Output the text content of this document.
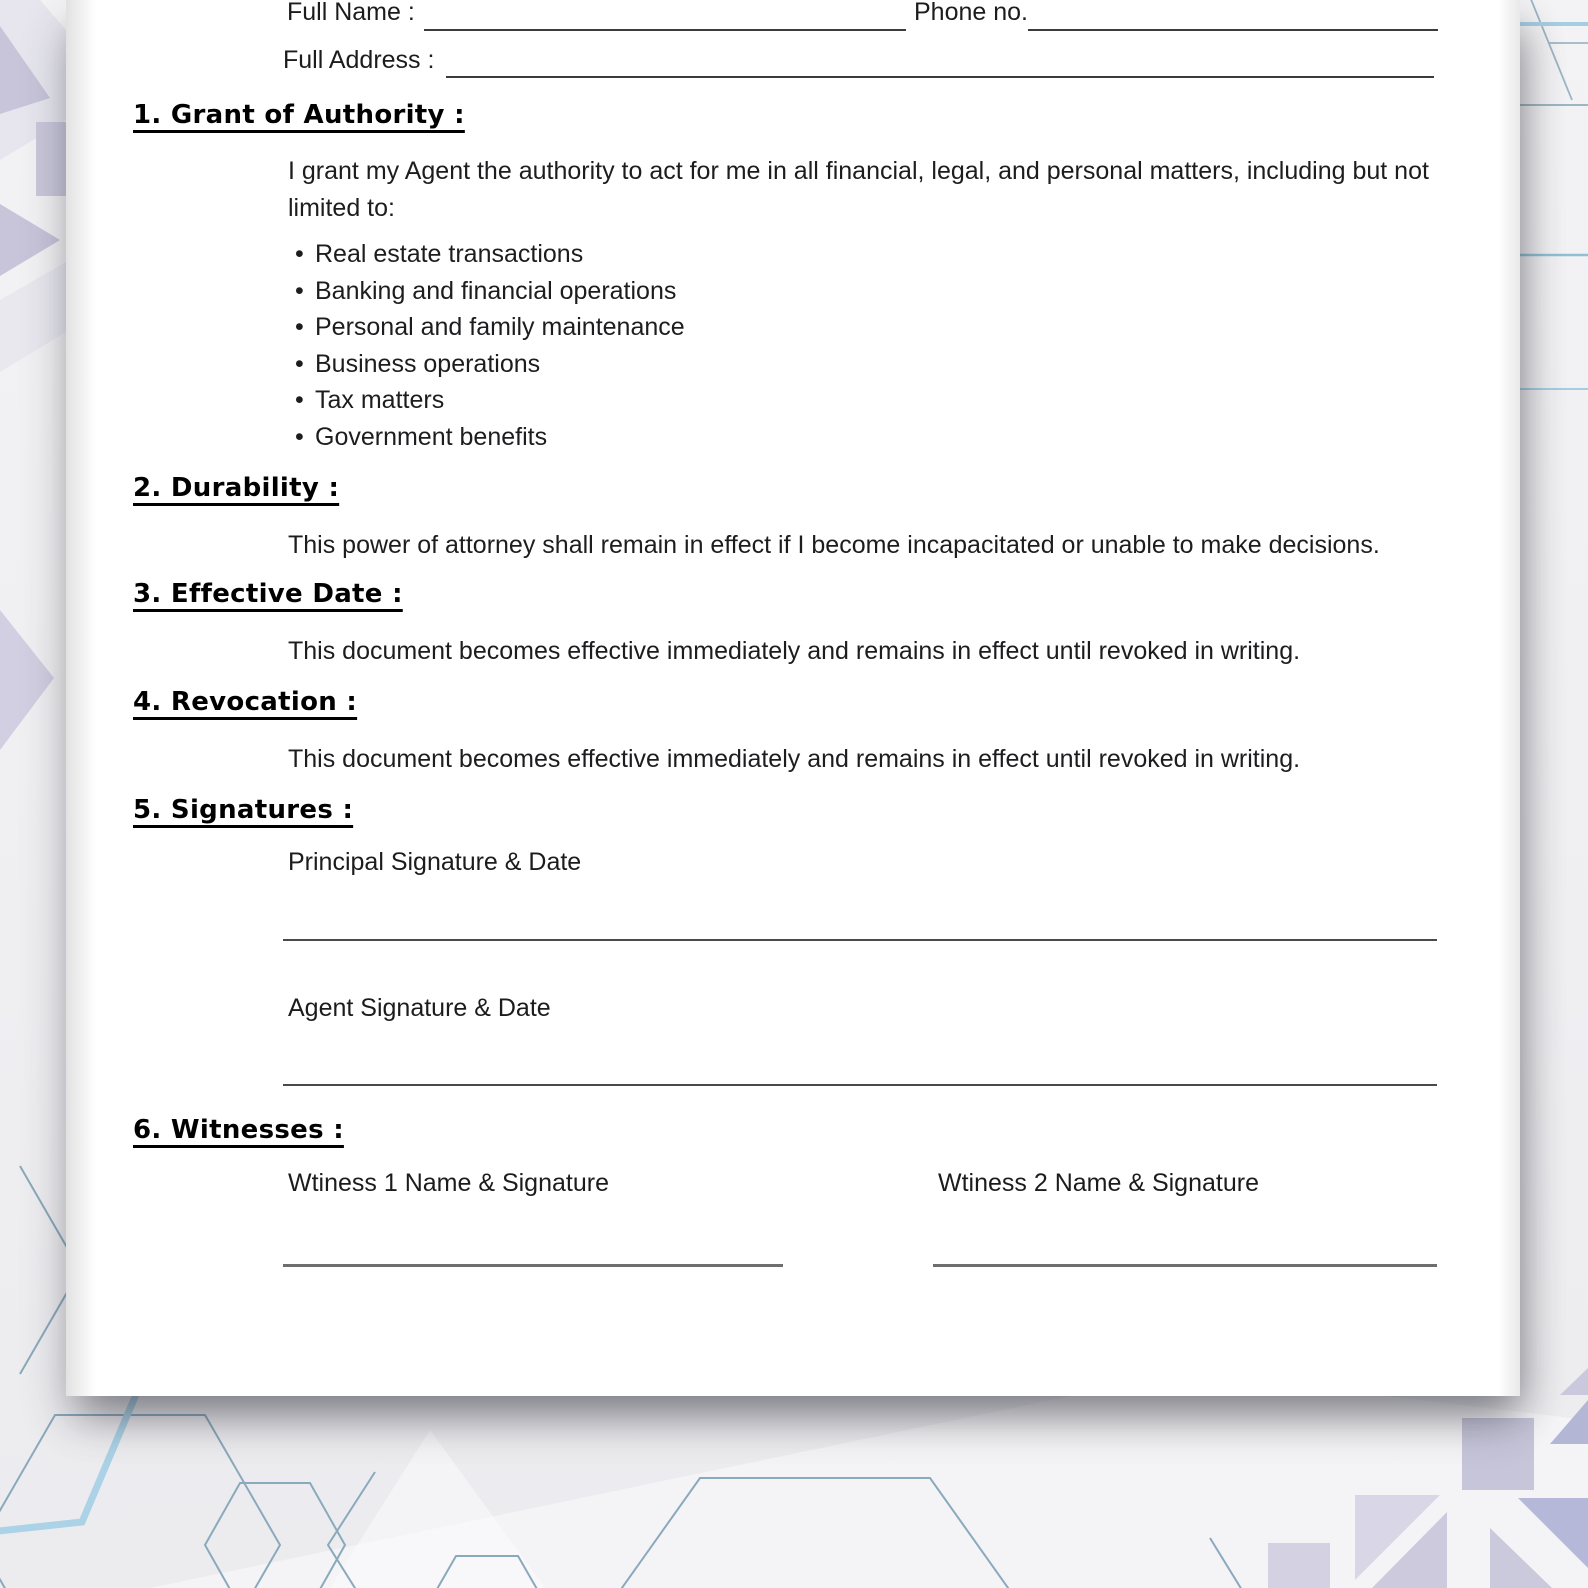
Full Name :	Phone no.
Full Address :
1. Grant of Authority :
I grant my Agent the authority to act for me in all financial, legal, and personal matters, including but not limited to:
• Real estate transactions
• Banking and financial operations
• Personal and family maintenance
• Business operations
• Tax matters
• Government benefits
2. Durability :
This power of attorney shall remain in effect if I become incapacitated or unable to make decisions.
3. Effective Date :
This document becomes effective immediately and remains in effect until revoked in writing.
4. Revocation :
This document becomes effective immediately and remains in effect until revoked in writing.
5. Signatures :
Principal Signature & Date
Agent Signature & Date
6. Witnesses :
Wtiness 1 Name & Signature	Wtiness 2 Name & Signature
